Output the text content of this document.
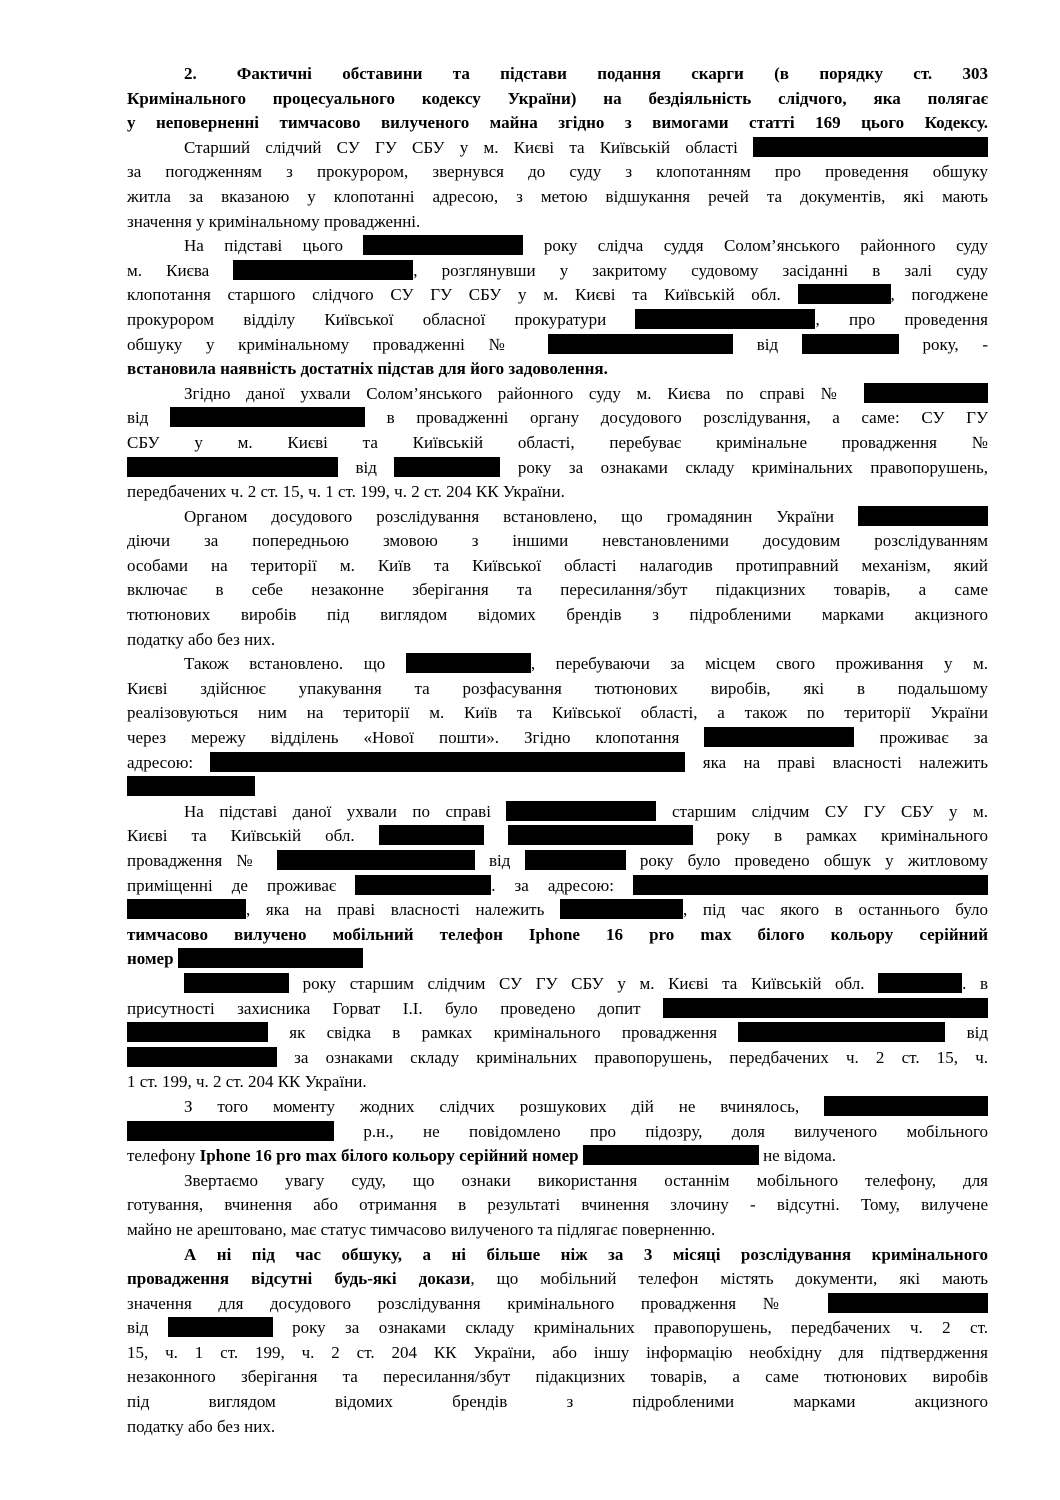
2. Фактичні обставини та підстави подання скарги (в порядку ст. 303
Кримінального процесуального кодексу України) на бездіяльність слідчого, яка полягає
у неповерненні тимчасово вилученого майна згідно з вимогами статті 169 цього Кодексу.
Старший слідчий СУ ГУ СБУ у м. Києві та Київській області
за погодженням з прокурором, звернувся до суду з клопотанням про проведення обшуку
житла за вказаною у клопотанні адресою, з метою відшукання речей та документів, які мають
значення у кримінальному провадженні.
На підставі цього	року слідча суддя Солом’янського районного суду
м. Києва	, розглянувши у закритому судовому засіданні в залі суду
клопотання старшого слідчого СУ ГУ СБУ у м. Києві та Київській обл.	, погоджене
прокурором відділу Київської обласної прокуратури	, про проведення
обшуку у кримінальному провадженні №	від	року, -
встановила наявність достатніх підстав для його задоволення.
Згідно даної ухвали Солом’янського районного суду м. Києва по справі №
від	в провадженні органу досудового розслідування, а саме: СУ ГУ
СБУ у м. Києві та Київській області, перебуває кримінальне провадження №
від	року за ознаками складу кримінальних правопорушень,
передбачених ч. 2 ст. 15, ч. 1 ст. 199, ч. 2 ст. 204 КК України.
Органом досудового розслідування встановлено, що громадянин України
діючи за попередньою змовою з іншими невстановленими досудовим розслідуванням
особами на території м. Київ та Київської області налагодив протиправний механізм, який
включає в себе незаконне зберігання та пересилання/збут підакцизних товарів, а саме
тютюнових виробів під виглядом відомих брендів з підробленими марками акцизного
податку або без них.
Також встановлено. що	, перебуваючи за місцем свого проживання у м.
Києві здійснює упакування та розфасування тютюнових виробів, які в подальшому
реалізовуються ним на території м. Київ та Київської області, а також по території України
через мережу відділень «Нової пошти». Згідно клопотання	проживає за
адресою:	яка на праві власності належить
На підставі даної ухвали по справі	старшим слідчим СУ ГУ СБУ у м.
Києві та Київській обл.	року в рамках кримінального
провадження №	від	року було проведено обшук у житловому
приміщенні де проживає	. за адресою:
, яка на праві власності належить	, під час якого в останнього було
тимчасово вилучено мобільний телефон Iphone 16 pro max білого кольору серійний
номер
року старшим слідчим СУ ГУ СБУ у м. Києві та Київській обл.	. в
присутності захисника Горват І.І. було проведено допит
як свідка в рамках кримінального провадження	від
за ознаками складу кримінальних правопорушень, передбачених ч. 2 ст. 15, ч.
1 ст. 199, ч. 2 ст. 204 КК України.
З того моменту жодних слідчих розшукових дій не вчинялось,
р.н., не повідомлено про підозру, доля вилученого мобільного
телефону Iphone 16 pro max білого кольору серійний номер	не відома.
Звертаємо увагу суду, що ознаки використання останнім мобільного телефону, для
готування, вчинення або отримання в результаті вчинення злочину - відсутні. Тому, вилучене
майно не арештовано, має статус тимчасово вилученого та підлягає поверненню.
А ні під час обшуку, а ні більше ніж за 3 місяці розслідування кримінального
провадження відсутні будь-які докази, що мобільний телефон містять документи, які мають
значення для досудового розслідування кримінального провадження №
від	року за ознаками складу кримінальних правопорушень, передбачених ч. 2 ст.
15, ч. 1 ст. 199, ч. 2 ст. 204 КК України, або іншу інформацію необхідну для підтвердження
незаконного зберігання та пересилання/збут підакцизних товарів, а саме тютюнових виробів
під виглядом відомих брендів з підробленими марками акцизного
податку або без них.
